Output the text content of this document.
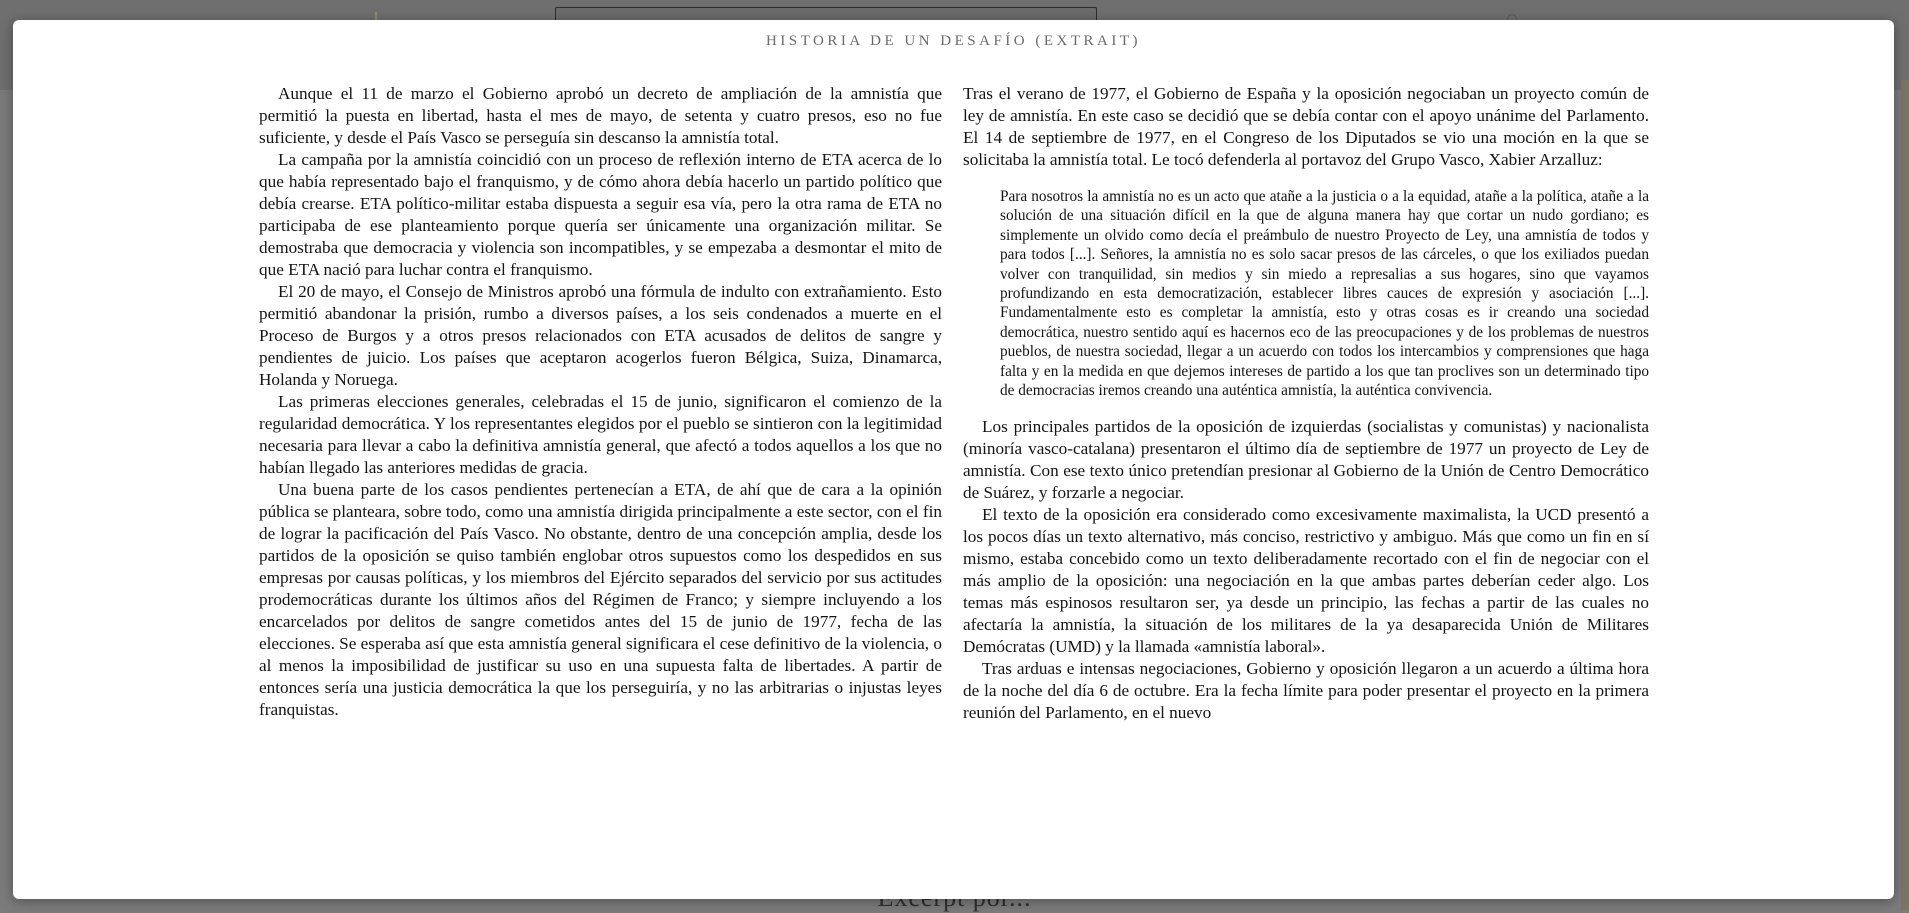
HISTORIA DE UN DESAFÍO (EXTRAIT)

Aunque el 11 de marzo el Gobierno aprobó un decreto de ampliación de la amnistía que permitió la puesta en libertad, hasta el mes de mayo, de setenta y cuatro presos, eso no fue suficiente, y desde el País Vasco se perseguía sin descanso la amnistía total.

La campaña por la amnistía coincidió con un proceso de reflexión interno de ETA acerca de lo que había representado bajo el franquismo, y de cómo ahora debía hacerlo un partido político que debía crearse. ETA político-militar estaba dispuesta a seguir esa vía, pero la otra rama de ETA no participaba de ese planteamiento porque quería ser únicamente una organización militar. Se demostraba que democracia y violencia son incompatibles, y se empezaba a desmontar el mito de que ETA nació para luchar contra el franquismo.

El 20 de mayo, el Consejo de Ministros aprobó una fórmula de indulto con extrañamiento. Esto permitió abandonar la prisión, rumbo a diversos países, a los seis condenados a muerte en el Proceso de Burgos y a otros presos relacionados con ETA acusados de delitos de sangre y pendientes de juicio. Los países que aceptaron acogerlos fueron Bélgica, Suiza, Dinamarca, Holanda y Noruega.

Las primeras elecciones generales, celebradas el 15 de junio, significaron el comienzo de la regularidad democrática. Y los representantes elegidos por el pueblo se sintieron con la legitimidad necesaria para llevar a cabo la definitiva amnistía general, que afectó a todos aquellos a los que no habían llegado las anteriores medidas de gracia.

Una buena parte de los casos pendientes pertenecían a ETA, de ahí que de cara a la opinión pública se planteara, sobre todo, como una amnistía dirigida principalmente a este sector, con el fin de lograr la pacificación del País Vasco. No obstante, dentro de una concepción amplia, desde los partidos de la oposición se quiso también englobar otros supuestos como los despedidos en sus empresas por causas políticas, y los miembros del Ejército separados del servicio por sus actitudes prodemocráticas durante los últimos años del Régimen de Franco; y siempre incluyendo a los encarcelados por delitos de sangre cometidos antes del 15 de junio de 1977, fecha de las elecciones. Se esperaba así que esta amnistía general significara el cese definitivo de la violencia, o al menos la imposibilidad de justificar su uso en una supuesta falta de libertades. A partir de entonces sería una justicia democrática la que los perseguiría, y no las arbitrarias o injustas leyes franquistas.

Tras el verano de 1977, el Gobierno de España y la oposición negociaban un proyecto común de ley de amnistía. En este caso se decidió que se debía contar con el apoyo unánime del Parlamento. El 14 de septiembre de 1977, en el Congreso de los Diputados se vio una moción en la que se solicitaba la amnistía total. Le tocó defenderla al portavoz del Grupo Vasco, Xabier Arzalluz:

Para nosotros la amnistía no es un acto que atañe a la justicia o a la equidad, atañe a la política, atañe a la solución de una situación difícil en la que de alguna manera hay que cortar un nudo gordiano; es simplemente un olvido como decía el preámbulo de nuestro Proyecto de Ley, una amnistía de todos y para todos [...]. Señores, la amnistía no es solo sacar presos de las cárceles, o que los exiliados puedan volver con tranquilidad, sin medios y sin miedo a represalias a sus hogares, sino que vayamos profundizando en esta democratización, establecer libres cauces de expresión y asociación [...]. Fundamentalmente esto es completar la amnistía, esto y otras cosas es ir creando una sociedad democrática, nuestro sentido aquí es hacernos eco de las preocupaciones y de los problemas de nuestros pueblos, de nuestra sociedad, llegar a un acuerdo con todos los intercambios y comprensiones que haga falta y en la medida en que dejemos intereses de partido a los que tan proclives son un determinado tipo de democracias iremos creando una auténtica amnistía, la auténtica convivencia.

Los principales partidos de la oposición de izquierdas (socialistas y comunistas) y nacionalista (minoría vasco-catalana) presentaron el último día de septiembre de 1977 un proyecto de Ley de amnistía. Con ese texto único pretendían presionar al Gobierno de la Unión de Centro Democrático de Suárez, y forzarle a negociar.

El texto de la oposición era considerado como excesivamente maximalista, la UCD presentó a los pocos días un texto alternativo, más conciso, restrictivo y ambiguo. Más que como un fin en sí mismo, estaba concebido como un texto deliberadamente recortado con el fin de negociar con el más amplio de la oposición: una negociación en la que ambas partes deberían ceder algo. Los temas más espinosos resultaron ser, ya desde un principio, las fechas a partir de las cuales no afectaría la amnistía, la situación de los militares de la ya desaparecida Unión de Militares Demócratas (UMD) y la llamada «amnistía laboral».

Tras arduas e intensas negociaciones, Gobierno y oposición llegaron a un acuerdo a última hora de la noche del día 6 de octubre. Era la fecha límite para poder presentar el proyecto en la primera reunión del Parlamento, en el nuevo
